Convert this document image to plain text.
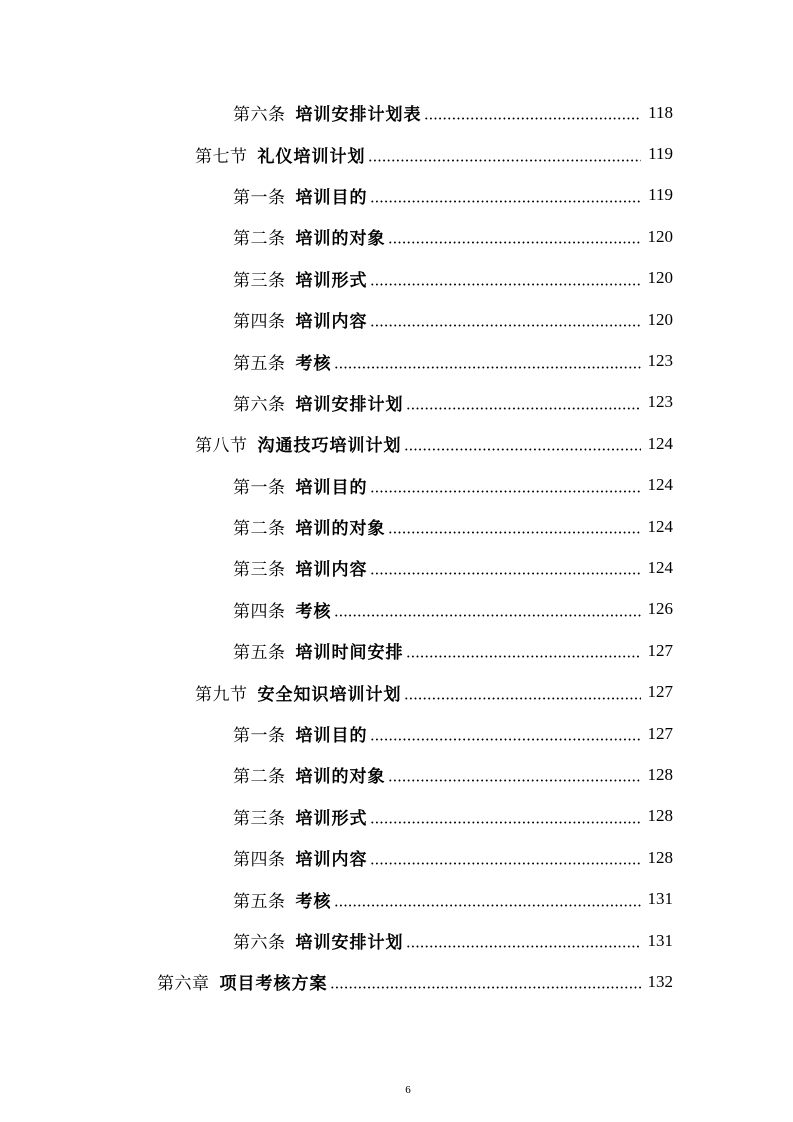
第六条 培训安排计划表	118
第七节 礼仪培训计划	119
第一条 培训目的	119
第二条 培训的对象	120
第三条 培训形式	120
第四条 培训内容	120
第五条 考核	123
第六条 培训安排计划	123
第八节 沟通技巧培训计划	124
第一条 培训目的	124
第二条 培训的对象	124
第三条 培训内容	124
第四条 考核	126
第五条 培训时间安排	127
第九节 安全知识培训计划	127
第一条 培训目的	127
第二条 培训的对象	128
第三条 培训形式	128
第四条 培训内容	128
第五条 考核	131
第六条 培训安排计划	131
第六章 项目考核方案	132
6
